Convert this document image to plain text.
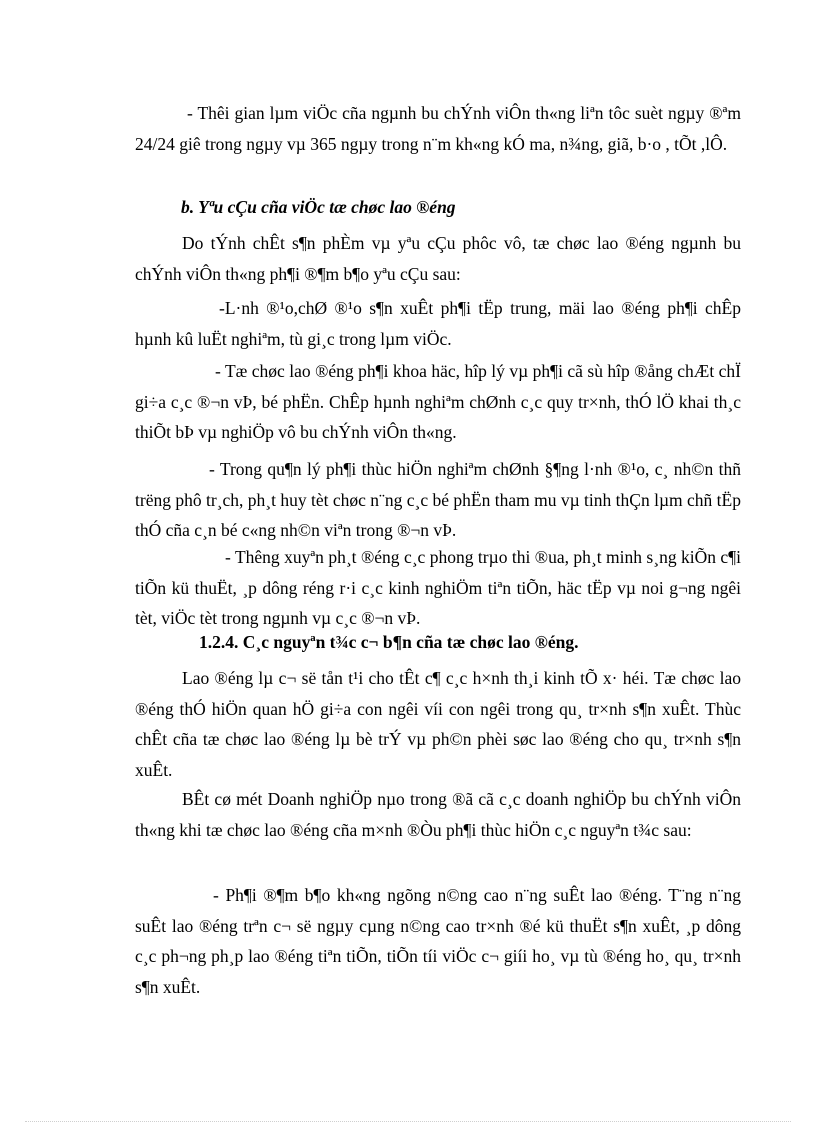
- Thêi gian lµm viÖc cña ngµnh bu chÝnh viÔn th«ng liªn tôc suèt ngµy ®ªm 24/24 giê trong ngµy vµ 365 ngµy trong n¨m kh«ng kÓ ma, n¾ng, giã, b·o , tÕt ,lÔ.
b. Yªu cÇu cña viÖc tæ chøc lao ®éng
Do tÝnh chÊt s¶n phÈm vµ yªu cÇu phôc vô, tæ chøc lao ®éng ngµnh bu chÝnh viÔn th«ng ph¶i ®¶m b¶o yªu cÇu sau:
-L·nh ®¹o,chØ ®¹o s¶n xuÊt ph¶i tËp trung, mäi lao ®éng ph¶i chÊp hµnh kû luËt nghiªm, tù gi¸c trong lµm viÖc.
- Tæ chøc lao ®éng ph¶i khoa häc, hîp lý vµ ph¶i cã sù hîp ®ång chÆt chÏ gi÷a c¸c ®¬n vÞ, bé phËn. ChÊp hµnh nghiªm chØnh c¸c quy tr×nh, thÓ lÖ khai th¸c thiÕt bÞ vµ nghiÖp vô bu chÝnh viÔn th«ng.
- Trong qu¶n lý ph¶i thùc hiÖn nghiªm chØnh §¶ng l·nh ®¹o, c¸ nh©n thñ trëng phô tr¸ch, ph¸t huy tèt chøc n¨ng c¸c bé phËn tham mu vµ tinh thÇn lµm chñ tËp thÓ cña c¸n bé c«ng nh©n viªn trong ®¬n vÞ.
- Thêng xuyªn ph¸t ®éng c¸c phong trµo thi ®ua, ph¸t minh s¸ng kiÕn c¶i tiÕn kü thuËt, ¸p dông réng r·i c¸c kinh nghiÖm tiªn tiÕn, häc tËp vµ noi g¬ng ngêi tèt, viÖc tèt trong ngµnh vµ c¸c ®¬n vÞ.
1.2.4. C¸c nguyªn t¾c c¬ b¶n cña tæ chøc lao ®éng.
Lao ®éng lµ c¬ së tån t¹i cho tÊt c¶ c¸c h×nh th¸i kinh tÕ x· héi. Tæ chøc lao ®éng thÓ hiÖn quan hÖ gi÷a con ngêi víi con ngêi trong qu¸ tr×nh s¶n xuÊt. Thùc chÊt cña tæ chøc lao ®éng lµ bè trÝ vµ ph©n phèi søc lao ®éng cho qu¸ tr×nh s¶n xuÊt.
BÊt cø mét Doanh nghiÖp nµo trong ®ã cã c¸c doanh nghiÖp bu chÝnh viÔn th«ng khi tæ chøc lao ®éng cña m×nh ®Òu ph¶i thùc hiÖn c¸c nguyªn t¾c sau:
- Ph¶i ®¶m b¶o kh«ng ngõng n©ng cao n¨ng suÊt lao ®éng. T¨ng n¨ng suÊt lao ®éng trªn c¬ së ngµy cµng n©ng cao tr×nh ®é kü thuËt s¶n xuÊt, ¸p dông c¸c ph¬ng ph¸p lao ®éng tiªn tiÕn, tiÕn tíi viÖc c¬ giíi ho¸ vµ tù ®éng ho¸ qu¸ tr×nh s¶n xuÊt.
